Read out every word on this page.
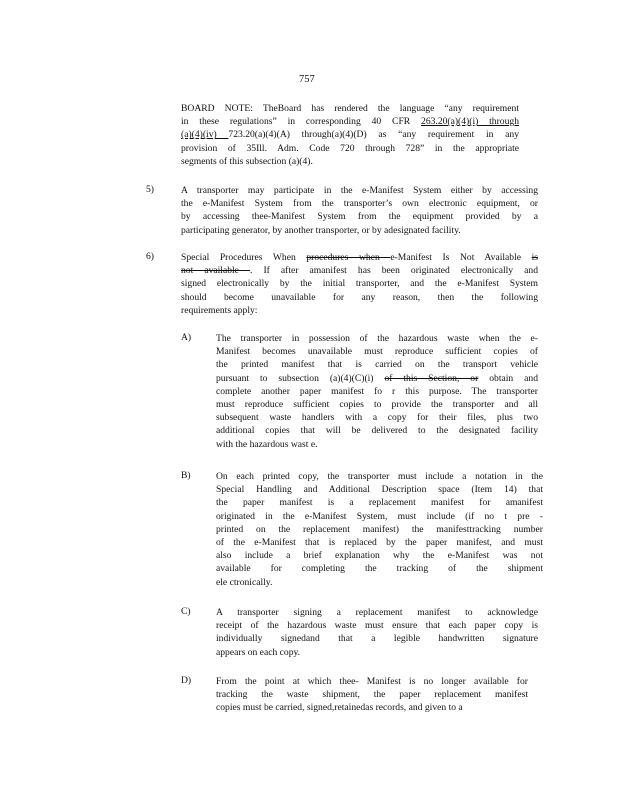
757
BOARD NOTE: TheBoard has rendered the language “any requirement
in these regulations” in corresponding 40 CFR 263.20(a)(4)(i) through
(a)(4)(iv) 723.20(a)(4)(A) through(a)(4)(D) as “any requirement in any
provision of 35Ill. Adm. Code 720 through 728” in the appropriate
segments of this subsection (a)(4).
5)	A transporter may participate in the e-Manifest System either by accessing
the e-Manifest System from the transporter’s own electronic equipment, or
by accessing thee-Manifest System from the equipment provided by a
participating generator, by another transporter, or by adesignated facility.
6)	Special Procedures When procedures when e-Manifest Is Not Available is
not available . If after amanifest has been originated electronically and
signed electronically by the initial transporter, and the e-Manifest System
should become unavailable for any reason, then the following
requirements apply:
A)	The transporter in possession of the hazardous waste when the e-
Manifest becomes unavailable must reproduce sufficient copies of
the printed manifest that is carried on the transport vehicle
pursuant to subsection (a)(4)(C)(i) of this Section, or obtain and
complete another paper manifest fo r this purpose. The transporter
must reproduce sufficient copies to provide the transporter and all
subsequent waste handlers with a copy for their files, plus two
additional copies that will be delivered to the designated facility
with the hazardous wast e.
B)	On each printed copy, the transporter must include a notation in the
Special Handling and Additional Description space (Item 14) that
the paper manifest is a replacement manifest for amanifest
originated in the e-Manifest System, must include (if no t pre -
printed on the replacement manifest) the manifesttracking number
of the e-Manifest that is replaced by the paper manifest, and must
also include a brief explanation why the e-Manifest was not
available for completing the tracking of the shipment
ele ctronically.
C)	A transporter signing a replacement manifest to acknowledge
receipt of the hazardous waste must ensure that each paper copy is
individually signedand that a legible handwritten signature
appears on each copy.
D)	From the point at which thee- Manifest is no longer available for
tracking the waste shipment, the paper replacement manifest
copies must be carried, signed,retainedas records, and given to a
